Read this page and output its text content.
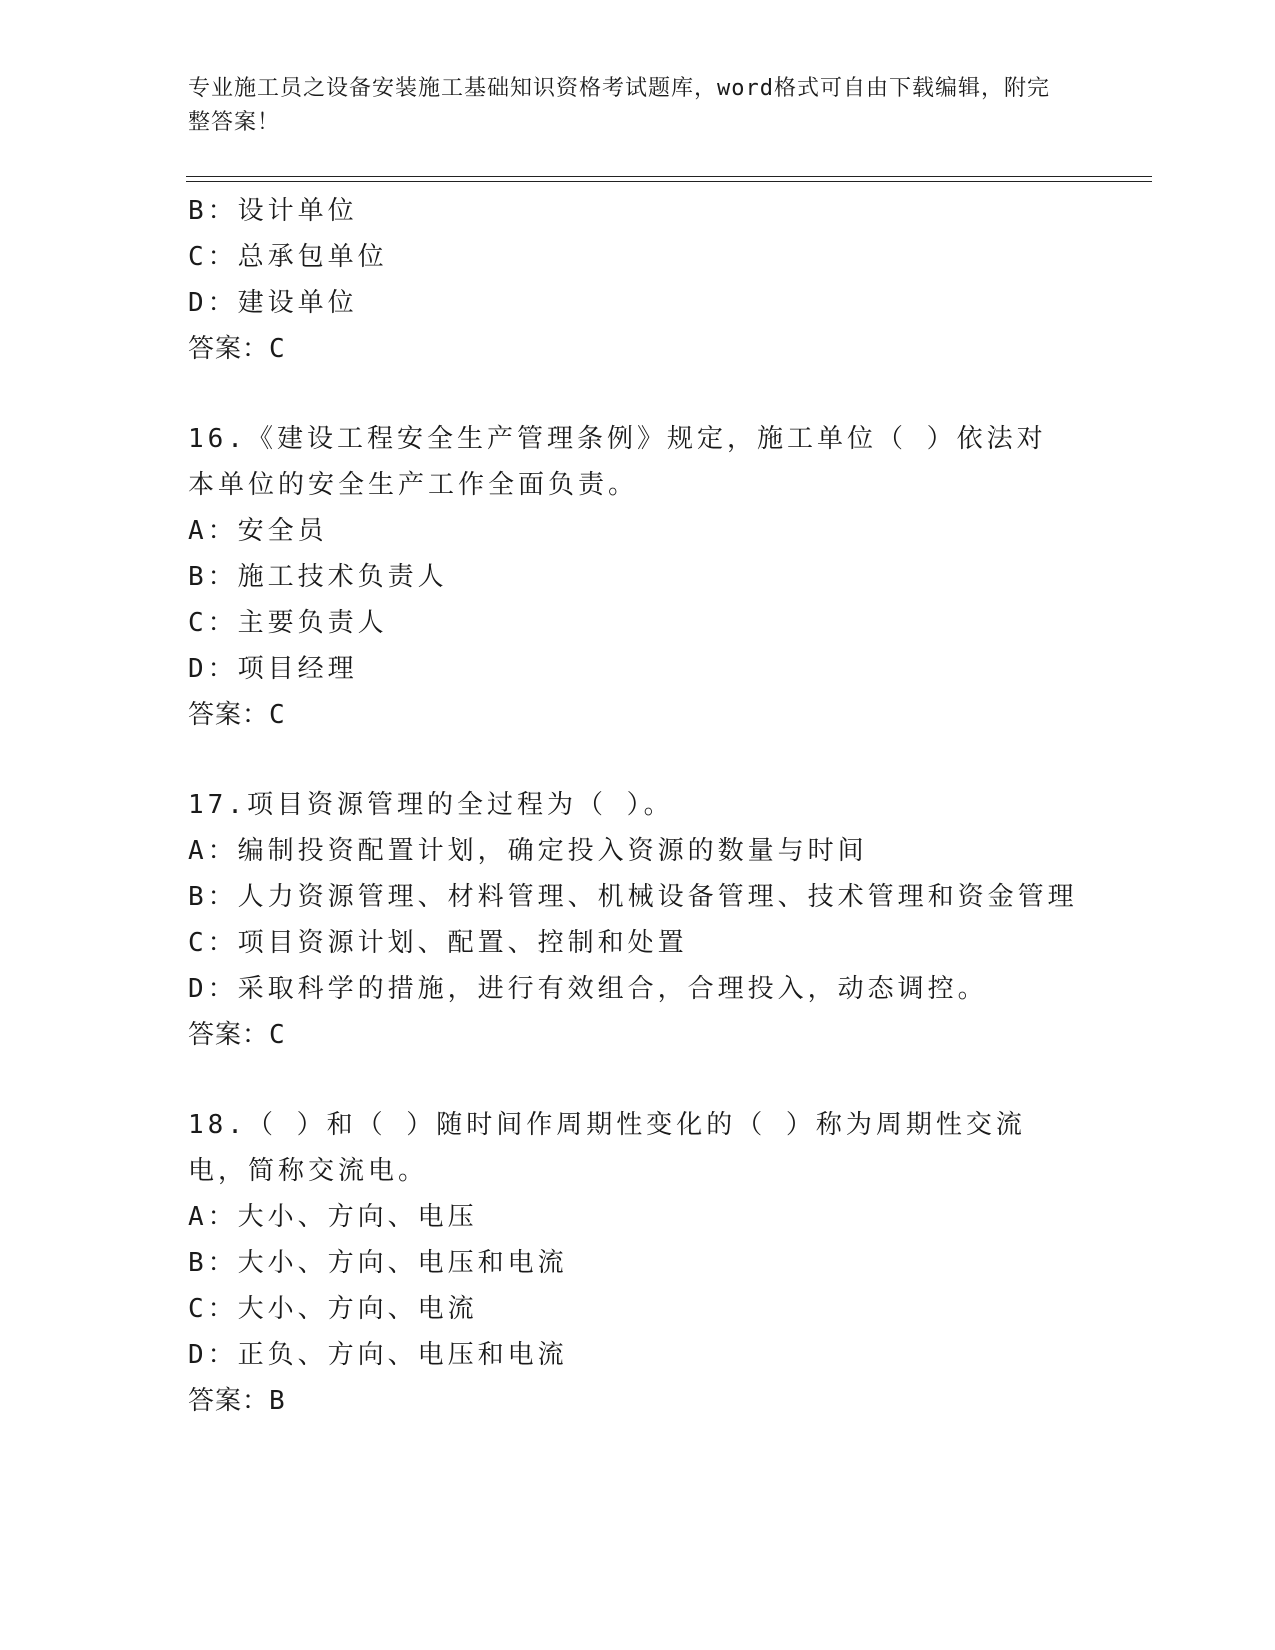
专业施工员之设备安装施工基础知识资格考试题库，word格式可自由下载编辑，附完整答案！
B：设计单位
C：总承包单位
D：建设单位
答案：C
16.《建设工程安全生产管理条例》规定，施工单位（ ）依法对本单位的安全生产工作全面负责。
A：安全员
B：施工技术负责人
C：主要负责人
D：项目经理
答案：C
17.项目资源管理的全过程为（ ）。
A：编制投资配置计划，确定投入资源的数量与时间
B：人力资源管理、材料管理、机械设备管理、技术管理和资金管理
C：项目资源计划、配置、控制和处置
D：采取科学的措施，进行有效组合，合理投入，动态调控。
答案：C
18.（ ）和（ ）随时间作周期性变化的（ ）称为周期性交流电，简称交流电。
A：大小、方向、电压
B：大小、方向、电压和电流
C：大小、方向、电流
D：正负、方向、电压和电流
答案：B
